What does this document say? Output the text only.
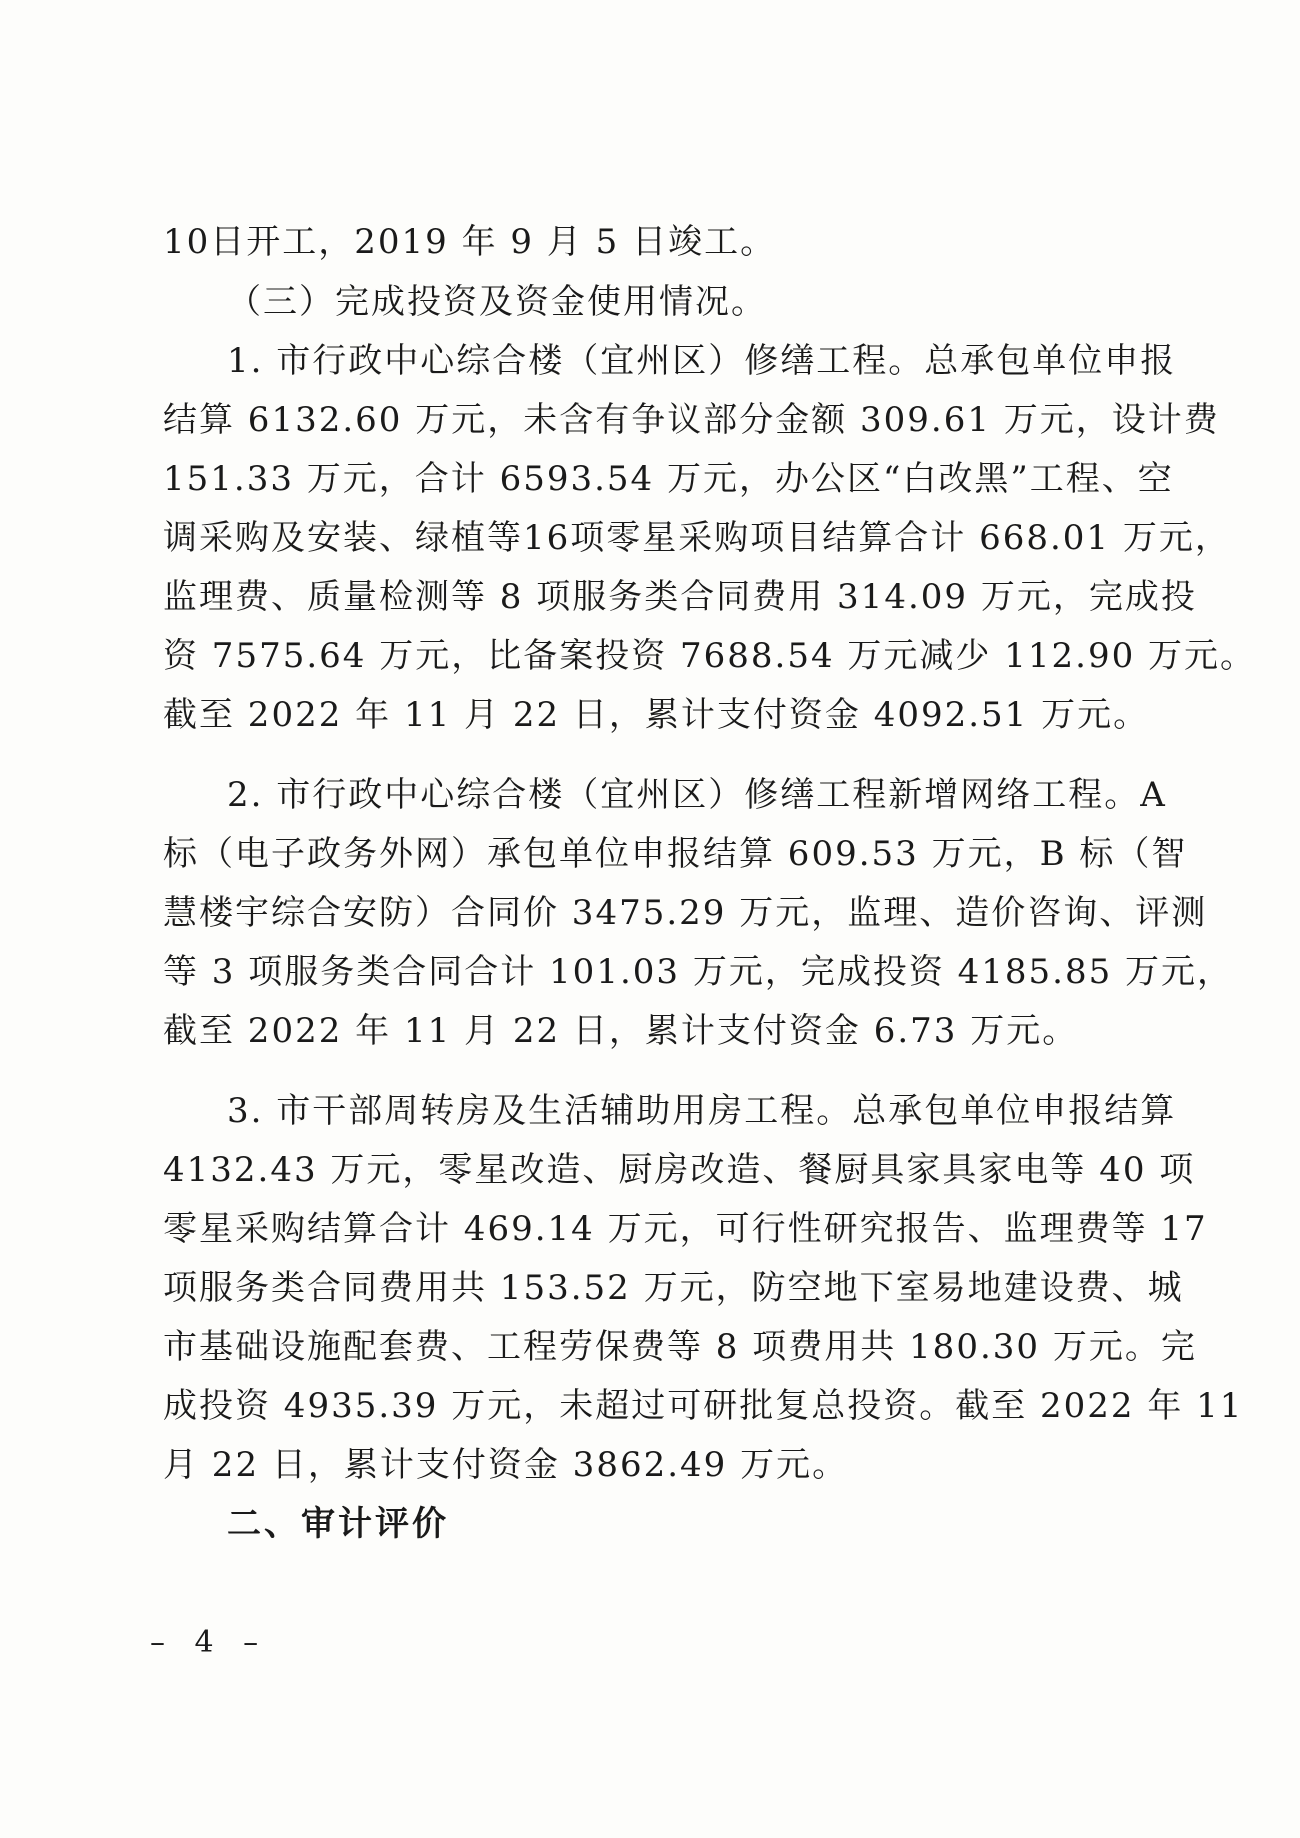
10日开工，2019 年 9 月 5 日竣工。
（三）完成投资及资金使用情况。
1. 市行政中心综合楼（宜州区）修缮工程。总承包单位申报
结算 6132.60 万元，未含有争议部分金额 309.61 万元，设计费
151.33 万元，合计 6593.54 万元，办公区“白改黑”工程、空
调采购及安装、绿植等16项零星采购项目结算合计 668.01 万元，
监理费、质量检测等 8 项服务类合同费用 314.09 万元，完成投
资 7575.64 万元，比备案投资 7688.54 万元减少 112.90 万元。
截至 2022 年 11 月 22 日，累计支付资金 4092.51 万元。
2. 市行政中心综合楼（宜州区）修缮工程新增网络工程。A
标（电子政务外网）承包单位申报结算 609.53 万元，B 标（智
慧楼宇综合安防）合同价 3475.29 万元，监理、造价咨询、评测
等 3 项服务类合同合计 101.03 万元，完成投资 4185.85 万元，
截至 2022 年 11 月 22 日，累计支付资金 6.73 万元。
3. 市干部周转房及生活辅助用房工程。总承包单位申报结算
4132.43 万元，零星改造、厨房改造、餐厨具家具家电等 40 项
零星采购结算合计 469.14 万元，可行性研究报告、监理费等 17
项服务类合同费用共 153.52 万元，防空地下室易地建设费、城
市基础设施配套费、工程劳保费等 8 项费用共 180.30 万元。完
成投资 4935.39 万元，未超过可研批复总投资。截至 2022 年 11
月 22 日，累计支付资金 3862.49 万元。
二、审计评价
– 4 –
